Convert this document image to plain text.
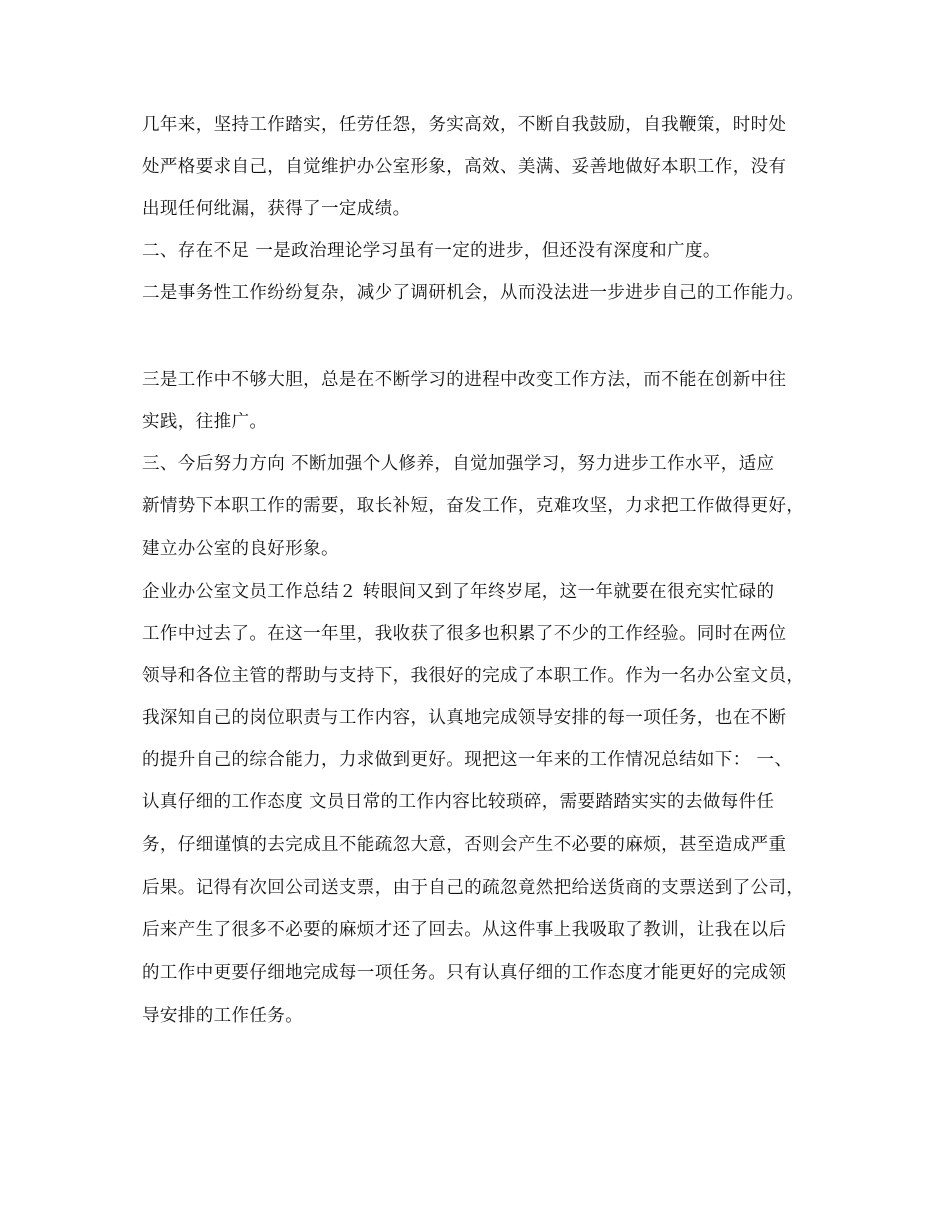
几年来，坚持工作踏实，任劳任怨，务实高效，不断自我鼓励，自我鞭策，时时处

处严格要求自己，自觉维护办公室形象，高效、美满、妥善地做好本职工作，没有

出现任何纰漏，获得了一定成绩。

二、存在不足 一是政治理论学习虽有一定的进步，但还没有深度和广度。

二是事务性工作纷纷复杂，减少了调研机会，从而没法进一步进步自己的工作能力。

三是工作中不够大胆，总是在不断学习的进程中改变工作方法，而不能在创新中往

实践，往推广。

三、今后努力方向 不断加强个人修养，自觉加强学习，努力进步工作水平，适应

新情势下本职工作的需要，取长补短，奋发工作，克难攻坚，力求把工作做得更好，

建立办公室的良好形象。

企业办公室文员工作总结２ 转眼间又到了年终岁尾，这一年就要在很充实忙碌的

工作中过去了。在这一年里，我收获了很多也积累了不少的工作经验。同时在两位

领导和各位主管的帮助与支持下，我很好的完成了本职工作。作为一名办公室文员，

我深知自己的岗位职责与工作内容，认真地完成领导安排的每一项任务，也在不断

的提升自己的综合能力，力求做到更好。现把这一年来的工作情况总结如下： 一、

认真仔细的工作态度 文员日常的工作内容比较琐碎，需要踏踏实实的去做每件任

务，仔细谨慎的去完成且不能疏忽大意，否则会产生不必要的麻烦，甚至造成严重

后果。记得有次回公司送支票，由于自己的疏忽竟然把给送货商的支票送到了公司，

后来产生了很多不必要的麻烦才还了回去。从这件事上我吸取了教训，让我在以后

的工作中更要仔细地完成每一项任务。只有认真仔细的工作态度才能更好的完成领

导安排的工作任务。
